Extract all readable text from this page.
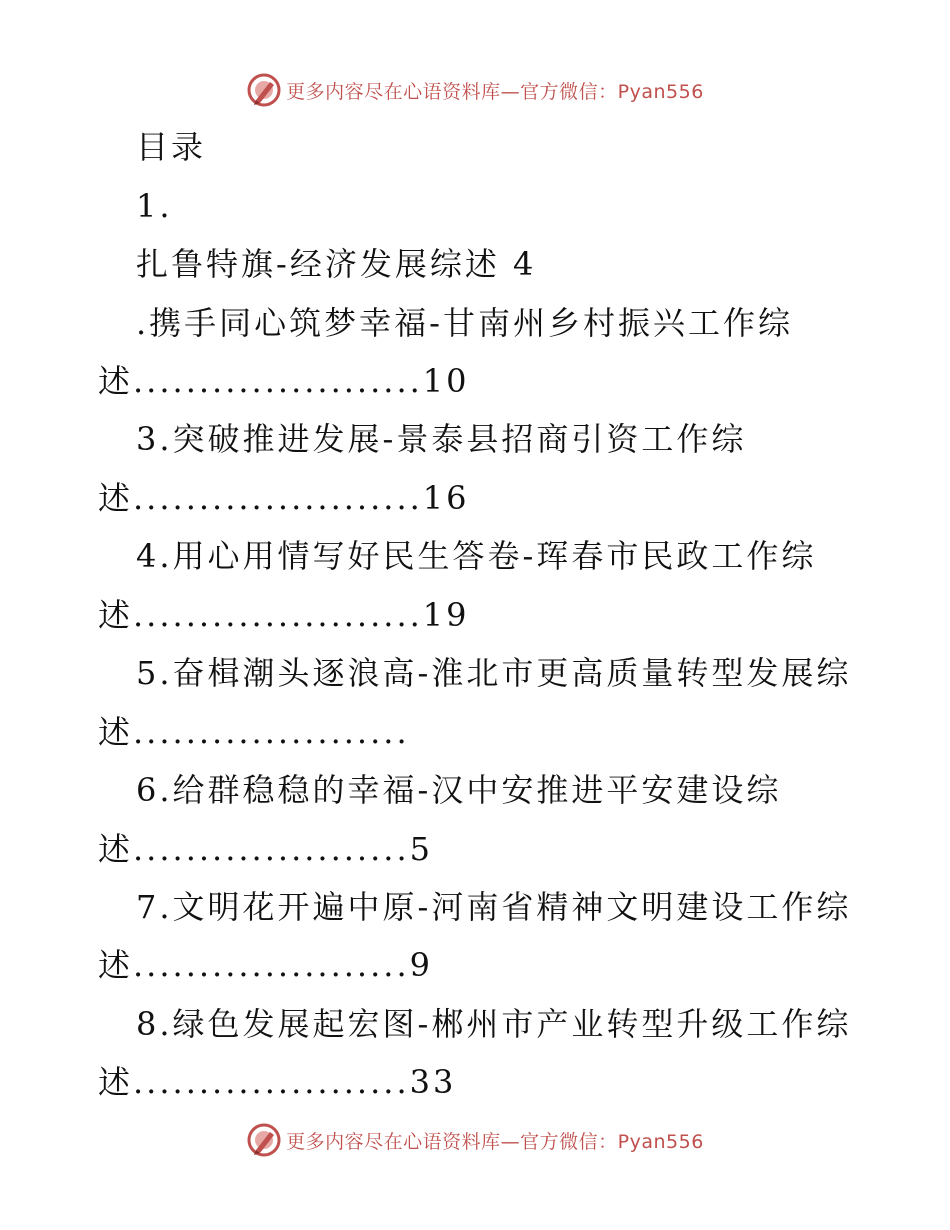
更多内容尽在心语资料库—官方微信：Pyan556
目录
1.
扎鲁特旗-经济发展综述 4
.携手同心筑梦幸福-甘南州乡村振兴工作综
述......................10
3.突破推进发展-景泰县招商引资工作综
述......................16
4.用心用情写好民生答卷-珲春市民政工作综
述......................19
5.奋楫潮头逐浪高-淮北市更高质量转型发展综
述.....................
6.给群稳稳的幸福-汉中安推进平安建设综
述.....................5
7.文明花开遍中原-河南省精神文明建设工作综
述.....................9
8.绿色发展起宏图-郴州市产业转型升级工作综
述.....................33
更多内容尽在心语资料库—官方微信：Pyan556
